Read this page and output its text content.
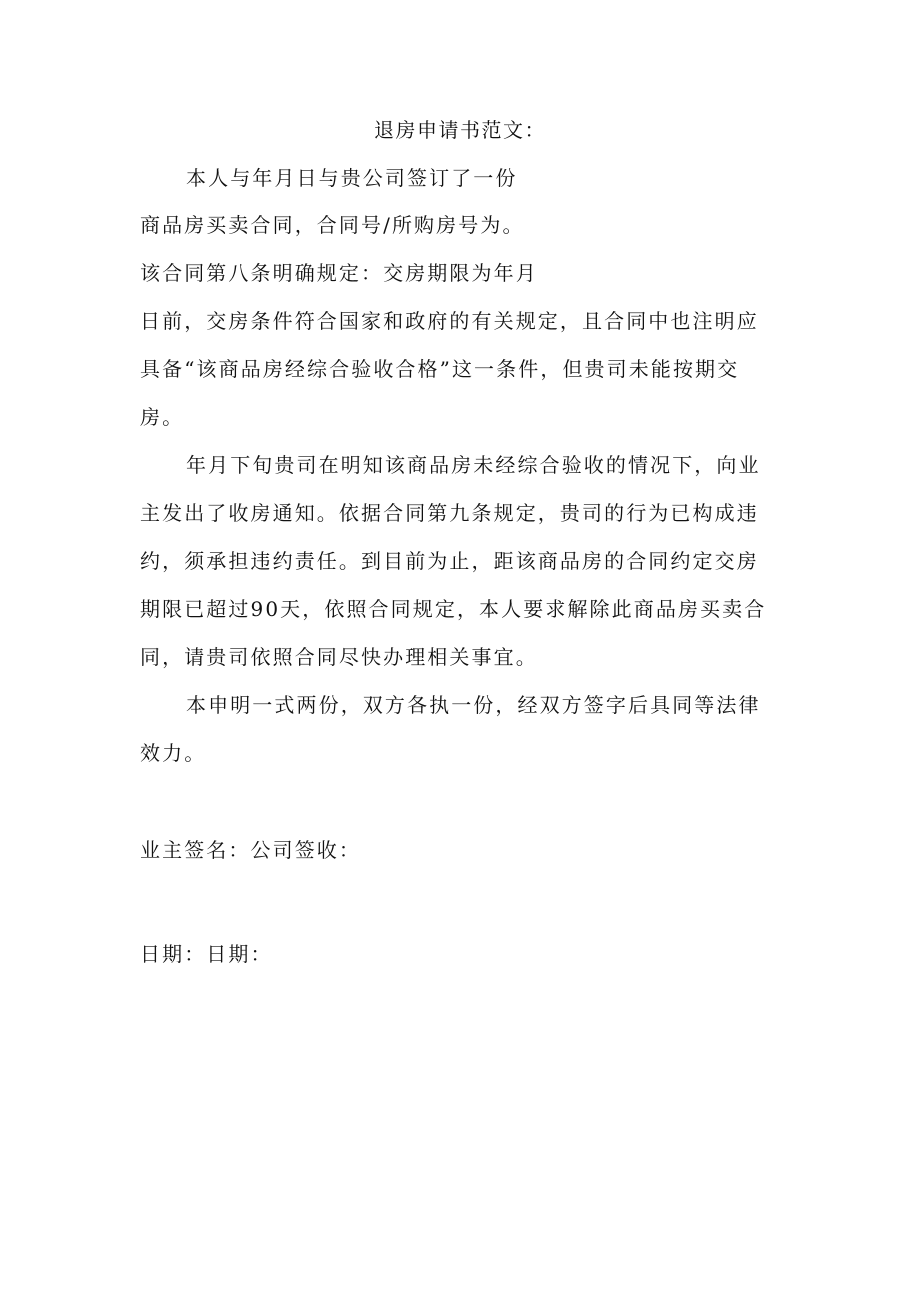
退房申请书范文：
本人与年月日与贵公司签订了一份
商品房买卖合同，合同号/所购房号为。
该合同第八条明确规定：交房期限为年月
日前，交房条件符合国家和政府的有关规定，且合同中也注明应
具备“该商品房经综合验收合格”这一条件，但贵司未能按期交
房。
年月下旬贵司在明知该商品房未经综合验收的情况下，向业
主发出了收房通知。依据合同第九条规定，贵司的行为已构成违
约，须承担违约责任。到目前为止，距该商品房的合同约定交房
期限已超过90天，依照合同规定，本人要求解除此商品房买卖合
同，请贵司依照合同尽快办理相关事宜。
本申明一式两份，双方各执一份，经双方签字后具同等法律
效力。
业主签名：公司签收：
日期：日期：
